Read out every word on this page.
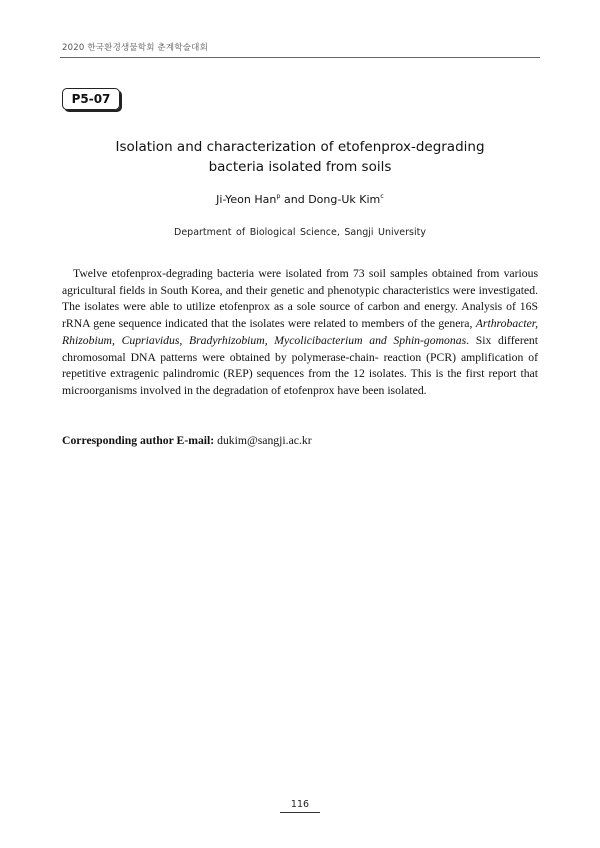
2020 한국환경생물학회 춘계학술대회
P5-07
Isolation and characterization of etofenprox-degrading
bacteria isolated from soils
Ji-Yeon Han$^p$ and Dong-Uk Kim$^c$
Department of Biological Science, Sangji University

Twelve etofenprox-degrading bacteria were isolated from 73 soil samples obtained from various agricultural fields in South Korea, and their genetic and phenotypic characteristics were investigated. The isolates were able to utilize etofenprox as a sole source of carbon and energy. Analysis of 16S rRNA gene sequence indicated that the isolates were related to members of the genera, Arthrobacter, Rhizobium, Cupriavidus, Bradyrhizobium, Mycolicibacterium and Sphin-gomonas. Six different chromosomal DNA patterns were obtained by polymerase-chain- reaction (PCR) amplification of repetitive extragenic palindromic (REP) sequences from the 12 isolates. This is the first report that microorganisms involved in the degradation of etofenprox have been isolated.

Corresponding author E-mail: dukim@sangji.ac.kr
116
